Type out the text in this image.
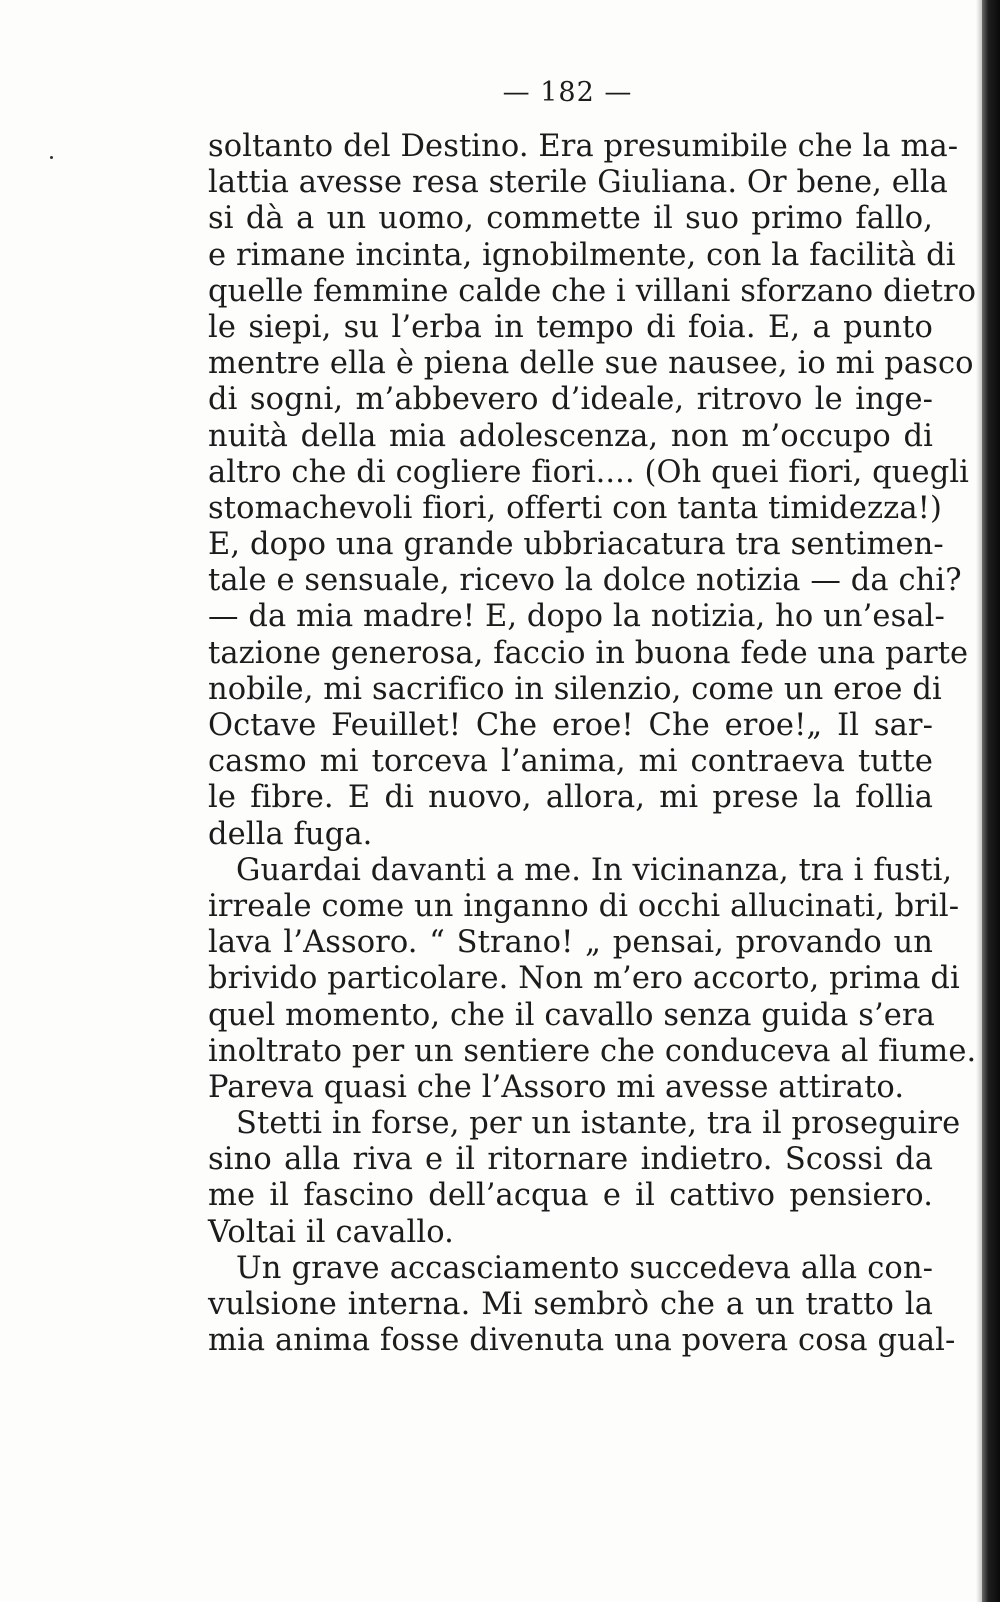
— 182 —
soltanto del Destino. Era presumibile che la ma-
lattia avesse resa sterile Giuliana. Or bene, ella
si dà a un uomo, commette il suo primo fallo,
e rimane incinta, ignobilmente, con la facilità di
quelle femmine calde che i villani sforzano dietro
le siepi, su l’erba in tempo di foia. E, a punto
mentre ella è piena delle sue nausee, io mi pasco
di sogni, m’abbevero d’ideale, ritrovo le inge-
nuità della mia adolescenza, non m’occupo di
altro che di cogliere fiori.... (Oh quei fiori, quegli
stomachevoli fiori, offerti con tanta timidezza!)
E, dopo una grande ubbriacatura tra sentimen-
tale e sensuale, ricevo la dolce notizia — da chi?
— da mia madre! E, dopo la notizia, ho un’esal-
tazione generosa, faccio in buona fede una parte
nobile, mi sacrifico in silenzio, come un eroe di
Octave Feuillet! Che eroe! Che eroe!„ Il sar-
casmo mi torceva l’anima, mi contraeva tutte
le fibre. E di nuovo, allora, mi prese la follia
della fuga.
Guardai davanti a me. In vicinanza, tra i fusti,
irreale come un inganno di occhi allucinati, bril-
lava l’Assoro. “ Strano! „ pensai, provando un
brivido particolare. Non m’ero accorto, prima di
quel momento, che il cavallo senza guida s’era
inoltrato per un sentiere che conduceva al fiume.
Pareva quasi che l’Assoro mi avesse attirato.
Stetti in forse, per un istante, tra il proseguire
sino alla riva e il ritornare indietro. Scossi da
me il fascino dell’acqua e il cattivo pensiero.
Voltai il cavallo.
Un grave accasciamento succedeva alla con-
vulsione interna. Mi sembrò che a un tratto la
mia anima fosse divenuta una povera cosa gual-
